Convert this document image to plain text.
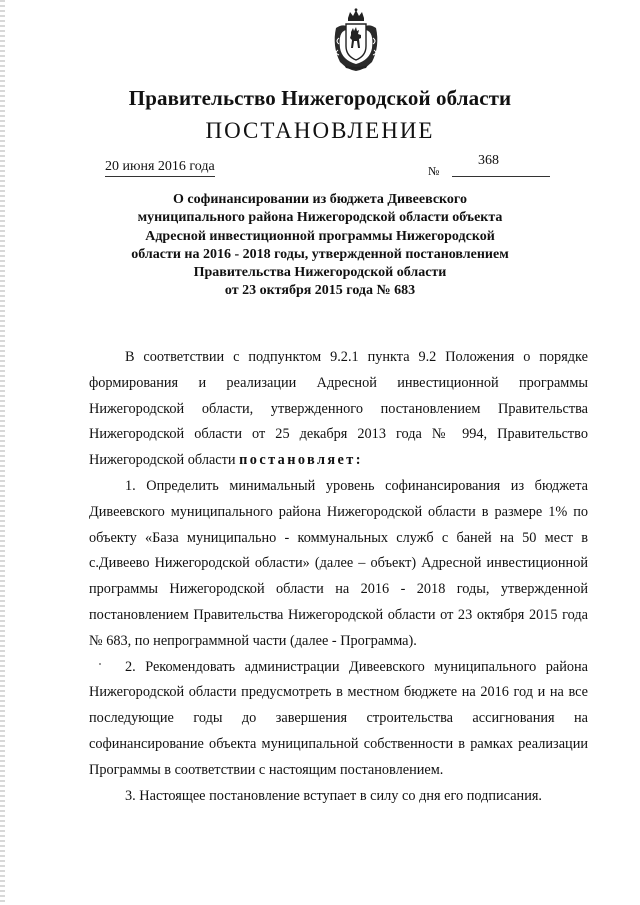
Правительство Нижегородской области
ПОСТАНОВЛЕНИЕ
20 июня 2016 года	№
368
О софинансировании из бюджета Дивеевского
муниципального района Нижегородской области объекта
Адресной инвестиционной программы Нижегородской
области на 2016 - 2018 годы, утвержденной постановлением
Правительства Нижегородской области
от 23 октября 2015 года № 683

В соответствии с подпунктом 9.2.1 пункта 9.2 Положения о порядке формирования и реализации Адресной инвестиционной программы Нижегородской области, утвержденного постановлением Правительства Нижегородской области от 25 декабря 2013 года № 994, Правительство Нижегородской области постановляет:

1. Определить минимальный уровень софинансирования из бюджета Дивеевского муниципального района Нижегородской области в размере 1% по объекту «База муниципально - коммунальных служб с баней на 50 мест в с.Дивеево Нижегородской области» (далее – объект) Адресной инвестиционной программы Нижегородской области на 2016 - 2018 годы, утвержденной постановлением Правительства Нижегородской области от 23 октября 2015 года № 683, по непрограммной части (далее - Программа).

2. Рекомендовать администрации Дивеевского муниципального района Нижегородской области предусмотреть в местном бюджете на 2016 год и на все последующие годы до завершения строительства ассигнования на софинансирование объекта муниципальной собственности в рамках реализации Программы в соответствии с настоящим постановлением.

3. Настоящее постановление вступает в силу со дня его подписания.
